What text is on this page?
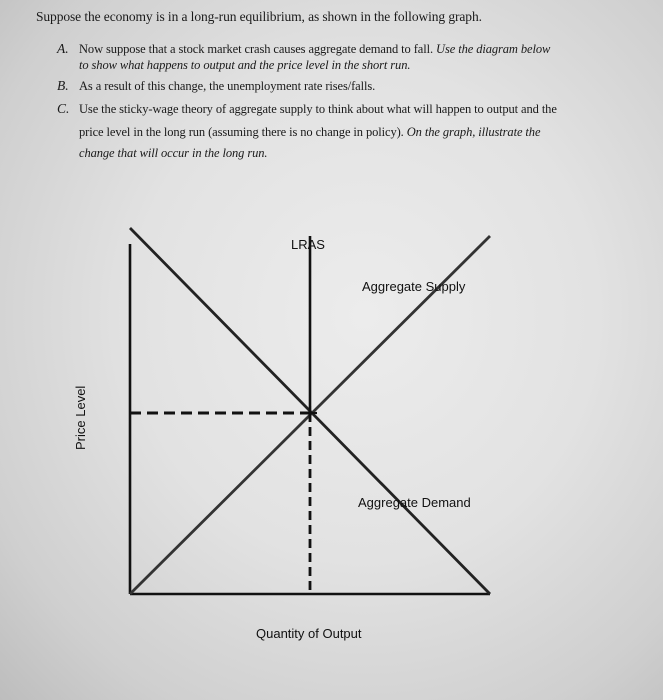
Suppose the economy is in a long-run equilibrium, as shown in the following graph.
A. Now suppose that a stock market crash causes aggregate demand to fall. Use the diagram below
to show what happens to output and the price level in the short run.
B. As a result of this change, the unemployment rate rises/falls.
C. Use the sticky-wage theory of aggregate supply to think about what will happen to output and the
price level in the long run (assuming there is no change in policy). On the graph, illustrate the
change that will occur in the long run.
LRAS
Aggregate Supply
Aggregate Demand
Quantity of Output
Price Level
